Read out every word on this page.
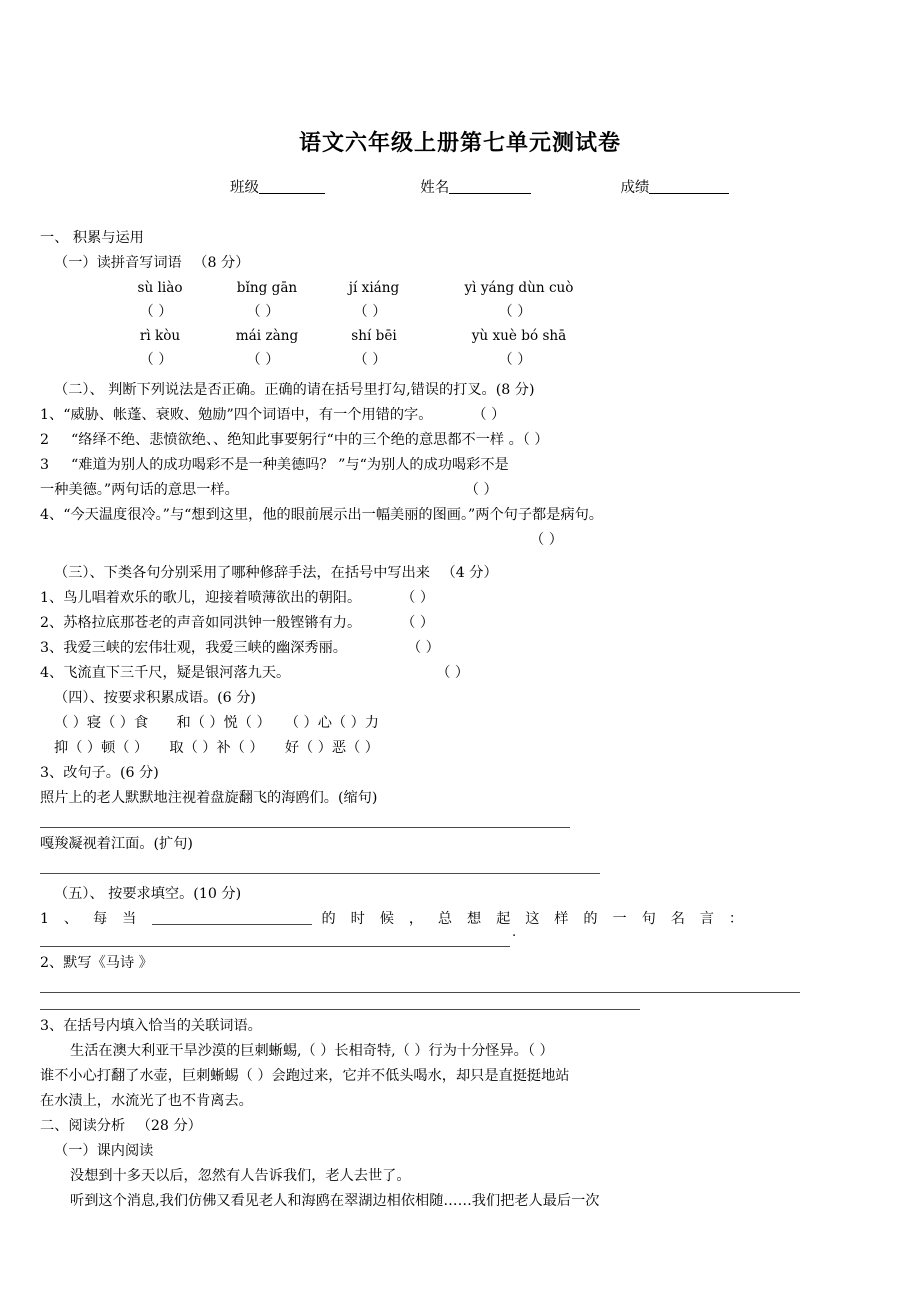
语文六年级上册第七单元测试卷
班级	姓名	成绩
一、 积累与运用
（一）读拼音写词语 　（8 分）
sù liào	bǐng gān	jí xiáng	yì yáng dùn cuò
（ ）	（ ）	（ ）	（ ）
rì kòu	mái zàng	shí bēi	yù xuè bó shā
（ ）	（ ）	（ ）	（ ）
（二）、 判断下列说法是否正确。正确的请在括号里打勾,错误的打叉。(8 分)
1、“威胁、帐蓬、衰败、勉励”四个词语中，有一个用错的字。	（ ）
2 “络绎不绝、悲愤欲绝、、绝知此事要躬行“中的三个绝的意思都不一样 。（ ）
3 “难道为别人的成功喝彩不是一种美德吗？ ”与“为别人的成功喝彩不是
一种美德。”两句话的意思一样。	（ ）
4、“今天温度很冷。”与“想到这里，他的眼前展示出一幅美丽的图画。”两个句子都是病句。
（ ）
（三）、下类各句分别采用了哪种修辞手法，在括号中写出来 　（4 分）
1、鸟儿唱着欢乐的歌儿，迎接着喷薄欲出的朝阳。	（ ）
2、苏格拉底那苍老的声音如同洪钟一般铿锵有力。	（ ）
3、我爱三峡的宏伟壮观，我爱三峡的幽深秀丽。	（ ）
4、飞流直下三千尺，疑是银河落九天。	（ ）
（四）、按要求积累成语。(6 分)
（ ）寝（ ）食　　和（ ）悦（ ）　　（ ）心（ ）力
抑（ ）顿（ ）　　取（ ）补（ ）　　好（ ）恶（ ）
3、改句子。(6 分)
照片上的老人默默地注视着盘旋翻飞的海鸥们。(缩句)
嘎羧凝视着江面。(扩句)
（五）、 按要求填空。(10 分)
1 、 每 当	的 时 候 ， 总 想 起 这 样 的 一 句 名 言 ：
.
2、默写《马诗 》
3、在括号内填入恰当的关联词语。
生活在澳大利亚干旱沙漠的巨刺蜥蜴,（ ）长相奇特,（ ）行为十分怪异。（ ）
谁不小心打翻了水壶，巨刺蜥蜴（ ）会跑过来，它并不低头喝水，却只是直挺挺地站
在水渍上，水流光了也不肯离去。
二、阅读分析 　（28 分）
（一）课内阅读
没想到十多天以后，忽然有人告诉我们，老人去世了。
听到这个消息,我们仿佛又看见老人和海鸥在翠湖边相依相随……我们把老人最后一次
